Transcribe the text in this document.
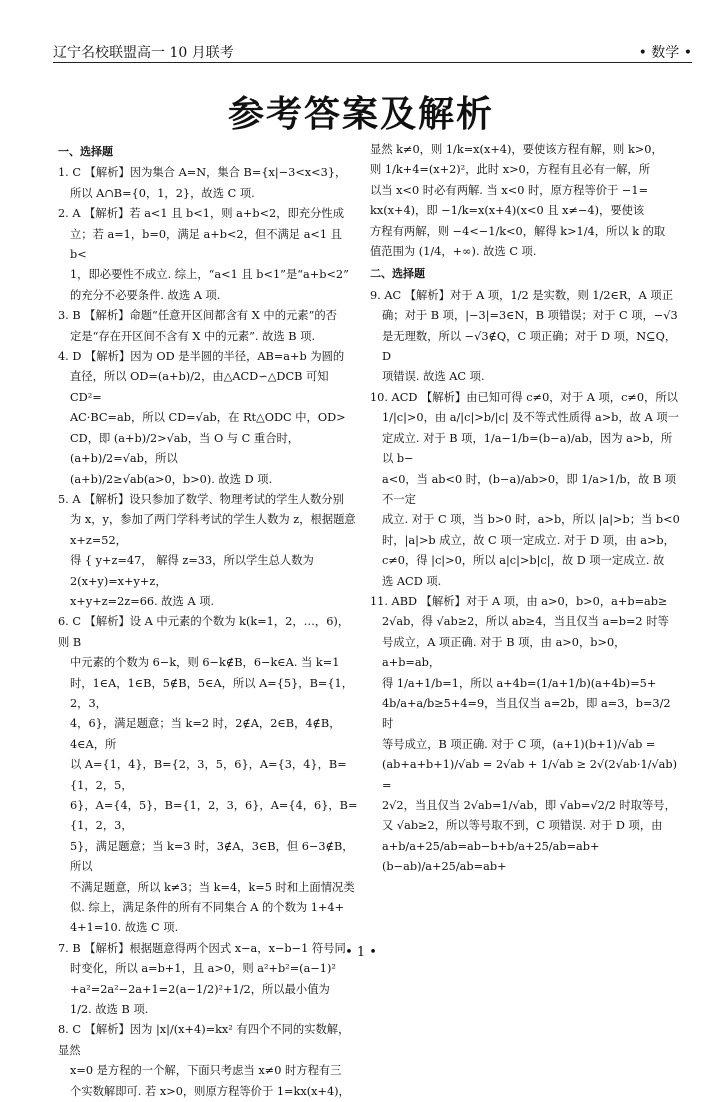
辽宁名校联盟高一 10 月联考	• 数学 •
参考答案及解析
一、选择题
1. C 【解析】因为集合 A=N，集合 B={x|−3<x<3}，
所以 A∩B={0，1，2}，故选 C 项.
2. A 【解析】若 a<1 且 b<1，则 a+b<2，即充分性成
立；若 a=1，b=0，满足 a+b<2，但不满足 a<1 且 b<
1，即必要性不成立. 综上，“a<1 且 b<1”是“a+b<2”
的充分不必要条件. 故选 A 项.
3. B 【解析】命题“任意开区间都含有 X 中的元素”的否
定是“存在开区间不含有 X 中的元素”. 故选 B 项.
4. D 【解析】因为 OD 是半圆的半径，AB=a+b 为圆的
直径，所以 OD=(a+b)/2，由△ACD∽△DCB 可知 CD²=
AC·BC=ab，所以 CD=√ab，在 Rt△ODC 中，OD>
CD，即 (a+b)/2>√ab，当 O 与 C 重合时，(a+b)/2=√ab，所以
(a+b)/2≥√ab(a>0，b>0). 故选 D 项.
5. A 【解析】设只参加了数学、物理考试的学生人数分别
为 x，y，参加了两门学科考试的学生人数为 z，根据题意
x+z=52，
得 { y+z=47， 解得 z=33，所以学生总人数为
2(x+y)=x+y+z，
x+y+z=2z=66. 故选 A 项.
6. C 【解析】设 A 中元素的个数为 k(k=1，2，…，6)，则 B
中元素的个数为 6−k，则 6−k∉B，6−k∈A. 当 k=1
时，1∈A，1∈B，5∉B，5∈A，所以 A={5}，B={1，2，3，
4，6}，满足题意；当 k=2 时，2∉A，2∈B，4∉B，4∈A，所
以 A={1，4}，B={2，3，5，6}，A={3，4}，B={1，2，5，
6}，A={4，5}，B={1，2，3，6}，A={4，6}，B={1，2，3，
5}，满足题意；当 k=3 时，3∉A，3∈B，但 6−3∉B，所以
不满足题意，所以 k≠3；当 k=4，k=5 时和上面情况类
似. 综上，满足条件的所有不同集合 A 的个数为 1+4+
4+1=10. 故选 C 项.
7. B 【解析】根据题意得两个因式 x−a，x−b−1 符号同
时变化，所以 a=b+1，且 a>0，则 a²+b²=(a−1)²
+a²=2a²−2a+1=2(a−1/2)²+1/2，所以最小值为
1/2. 故选 B 项.
8. C 【解析】因为 |x|/(x+4)=kx² 有四个不同的实数解，显然
x=0 是方程的一个解，下面只考虑当 x≠0 时方程有三
个实数解即可. 若 x>0，则原方程等价于 1=kx(x+4)，
显然 k≠0，则 1/k=x(x+4)，要使该方程有解，则 k>0，
则 1/k+4=(x+2)²，此时 x>0，方程有且必有一解，所
以当 x<0 时必有两解. 当 x<0 时，原方程等价于 −1=
kx(x+4)，即 −1/k=x(x+4)(x<0 且 x≠−4)，要使该
方程有两解，则 −4<−1/k<0，解得 k>1/4，所以 k 的取
值范围为 (1/4，+∞). 故选 C 项.
二、选择题
9. AC 【解析】对于 A 项，1/2 是实数，则 1/2∈R，A 项正
确；对于 B 项，|−3|=3∈N，B 项错误；对于 C 项，−√3
是无理数，所以 −√3∉Q，C 项正确；对于 D 项，N⊆Q，D
项错误. 故选 AC 项.
10. ACD 【解析】由已知可得 c≠0，对于 A 项，c≠0，所以
1/|c|>0，由 a/|c|>b/|c| 及不等式性质得 a>b，故 A 项一
定成立. 对于 B 项，1/a−1/b=(b−a)/ab，因为 a>b，所以 b−
a<0，当 ab<0 时，(b−a)/ab>0，即 1/a>1/b，故 B 项不一定
成立. 对于 C 项，当 b>0 时，a>b，所以 |a|>b；当 b<0
时，|a|>b 成立，故 C 项一定成立. 对于 D 项，由 a>b，
c≠0，得 |c|>0，所以 a|c|>b|c|，故 D 项一定成立. 故
选 ACD 项.
11. ABD 【解析】对于 A 项，由 a>0，b>0，a+b=ab≥
2√ab，得 √ab≥2，所以 ab≥4，当且仅当 a=b=2 时等
号成立，A 项正确. 对于 B 项，由 a>0，b>0，a+b=ab，
得 1/a+1/b=1，所以 a+4b=(1/a+1/b)(a+4b)=5+
4b/a+a/b≥5+4=9，当且仅当 a=2b，即 a=3，b=3/2 时
等号成立，B 项正确. 对于 C 项，(a+1)(b+1)/√ab =
(ab+a+b+1)/√ab = 2√ab + 1/√ab ≥ 2√(2√ab·1/√ab) =
2√2，当且仅当 2√ab=1/√ab，即 √ab=√2/2 时取等号，
又 √ab≥2，所以等号取不到，C 项错误. 对于 D 项，由
a+b/a+25/ab=ab−b+b/a+25/ab=ab+(b−ab)/a+25/ab=ab+
• 1 •
